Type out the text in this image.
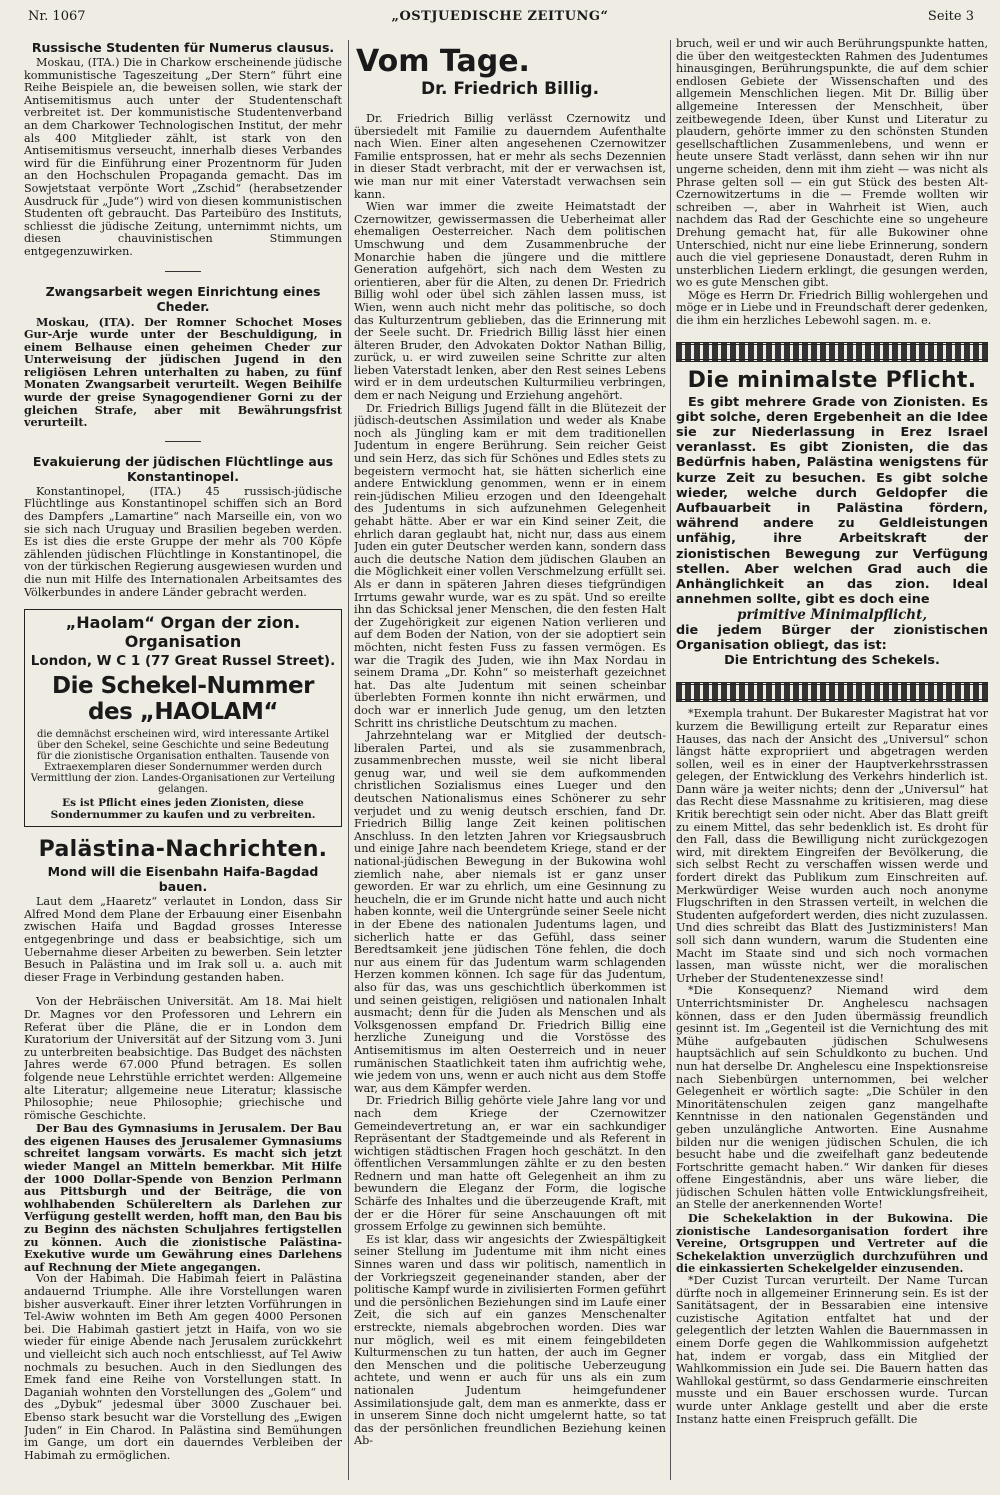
„OSTJUEDISCHE ZEITUNG“
Nr. 1067	Seite 3
Russische Studenten für Numerus clausus.

Moskau, (ITA.) Die in Charkow erscheinende jüdische kommunistische Tageszeitung „Der Stern“ führt eine Reihe Beispiele an, die beweisen sollen, wie stark der Antisemitismus auch unter der Studentenschaft verbreitet ist. Der kommunistische Studentenverband an dem Charkower Technologischen Institut, der mehr als 400 Mitglieder zählt, ist stark von den Antisemitismus verseucht, innerhalb dieses Verbandes wird für die Einführung einer Prozentnorm für Juden an den Hochschulen Propaganda gemacht. Das im Sowjetstaat verpönte Wort „Zschid“ (herabsetzender Ausdruck für „Jude“) wird von diesen kommunistischen Studenten oft gebraucht. Das Parteibüro des Instituts, schliesst die jüdische Zeitung, unternimmt nichts, um diesen chauvinistischen Stimmungen entgegenzuwirken.

Zwangsarbeit wegen Einrichtung eines Cheder.

Moskau, (ITA). Der Romner Schochet Moses Gur-Arje wurde unter der Beschuldigung, in einem Belhause einen geheimen Cheder zur Unterweisung der jüdischen Jugend in den religiösen Lehren unterhalten zu haben, zu fünf Monaten Zwangsarbeit verurteilt. Wegen Beihilfe wurde der greise Synagogendiener Gorni zu der gleichen Strafe, aber mit Bewährungsfrist verurteilt.

Evakuierung der jüdischen Flüchtlinge aus Konstantinopel.

Konstantinopel, (ITA.) 45 russisch-jüdische Flüchtlinge aus Konstantinopel schiffen sich an Bord des Dampfers „Lamartine“ nach Marseille ein, von wo sie sich nach Uruguay und Brasilien begeben werden. Es ist dies die erste Gruppe der mehr als 700 Köpfe zählenden jüdischen Flüchtlinge in Konstantinopel, die von der türkischen Regierung ausgewiesen wurden und die nun mit Hilfe des Internationalen Arbeitsamtes des Völkerbundes in andere Länder gebracht werden.

„Haolam“ Organ der zion. Organisation
London, W C 1 (77 Great Russel Street).
Die Schekel-Nummer des „HAOLAM“
die demnächst erscheinen wird, wird interessante Artikel über den Schekel, seine Geschichte und seine Bedeutung für die zionistische Organisation enthalten. Tausende von Extraexemplaren dieser Sondernummer werden durch Vermittlung der zion. Landes-Organisationen zur Verteilung gelangen.
Es ist Pflicht eines jeden Zionisten, diese Sondernummer zu kaufen und zu verbreiten.
Palästina-Nachrichten.
Mond will die Eisenbahn Haifa-Bagdad bauen.

Laut dem „Haaretz“ verlautet in London, dass Sir Alfred Mond dem Plane der Erbauung einer Eisenbahn zwischen Haifa und Bagdad grosses Interesse entgegenbringe und dass er beabsichtige, sich um Uebernahme dieser Arbeiten zu bewerben. Sein letzter Besuch in Palästina und im Irak soll u. a. auch mit dieser Frage in Verbindung gestanden haben.

Von der Hebräischen Universität. Am 18. Mai hielt Dr. Magnes vor den Professoren und Lehrern ein Referat über die Pläne, die er in London dem Kuratorium der Universität auf der Sitzung vom 3. Juni zu unterbreiten beabsichtige. Das Budget des nächsten Jahres werde 67.000 Pfund betragen. Es sollen folgende neue Lehrstühle errichtet werden: Allgemeine alte Literatur; allgemeine neue Literatur; klassische Philosophie; neue Philosophie; griechische und römische Geschichte.

Der Bau des Gymnasiums in Jerusalem. Der Bau des eigenen Hauses des Jerusalemer Gymnasiums schreitet langsam vorwärts. Es macht sich jetzt wieder Mangel an Mitteln bemerkbar. Mit Hilfe der 1000 Dollar-Spende von Benzion Perlmann aus Pittsburgh und der Beiträge, die von wohlhabenden Schülereltern als Darlehen zur Verfügung gestellt werden, hofft man, den Bau bis zu Beginn des nächsten Schuljahres fertigstellen zu können. Auch die zionistische Palästina-Exekutive wurde um Gewährung eines Darlehens auf Rechnung der Miete angegangen.

Von der Habimah. Die Habimah feiert in Palästina andauernd Triumphe. Alle ihre Vorstellungen waren bisher ausverkauft. Einer ihrer letzten Vorführungen in Tel-Awiw wohnten im Beth Am gegen 4000 Personen bei. Die Habimah gastiert jetzt in Haifa, von wo sie wieder für einige Abende nach Jerusalem zurückkehrt und vielleicht sich auch noch entschliesst, auf Tel Awiw nochmals zu besuchen. Auch in den Siedlungen des Emek fand eine Reihe von Vorstellungen statt. In Daganiah wohnten den Vorstellungen des „Golem“ und des „Dybuk“ jedesmal über 3000 Zuschauer bei. Ebenso stark besucht war die Vorstellung des „Ewigen Juden“ in Ein Charod. In Palästina sind Bemühungen im Gange, um dort ein dauerndes Verbleiben der Habimah zu ermöglichen.

Vom Tage.
Dr. Friedrich Billig.

Dr. Friedrich Billig verlässt Czernowitz und übersiedelt mit Familie zu dauerndem Aufenthalte nach Wien. Einer alten angesehenen Czernowitzer Familie entsprossen, hat er mehr als sechs Dezennien in dieser Stadt verbracht, mit der er verwachsen ist, wie man nur mit einer Vaterstadt verwachsen sein kann.

Wien war immer die zweite Heimatstadt der Czernowitzer, gewissermassen die Ueberheimat aller ehemaligen Oesterreicher. Nach dem politischen Umschwung und dem Zusammenbruche der Monarchie haben die jüngere und die mittlere Generation aufgehört, sich nach dem Westen zu orientieren, aber für die Alten, zu denen Dr. Friedrich Billig wohl oder übel sich zählen lassen muss, ist Wien, wenn auch nicht mehr das politische, so doch das Kulturzentrum geblieben, das die Erinnerung mit der Seele sucht. Dr. Friedrich Billig lässt hier einen älteren Bruder, den Advokaten Doktor Nathan Billig, zurück, u. er wird zuweilen seine Schritte zur alten lieben Vaterstadt lenken, aber den Rest seines Lebens wird er in dem urdeutschen Kulturmilieu verbringen, dem er nach Neigung und Erziehung angehört.

Dr. Friedrich Billigs Jugend fällt in die Blütezeit der jüdisch-deutschen Assimilation und weder als Knabe noch als Jüngling kam er mit dem traditionellen Judentum in engere Berührung. Sein reicher Geist und sein Herz, das sich für Schönes und Edles stets zu begeistern vermocht hat, sie hätten sicherlich eine andere Entwicklung genommen, wenn er in einem rein-jüdischen Milieu erzogen und den Ideengehalt des Judentums in sich aufzunehmen Gelegenheit gehabt hätte. Aber er war ein Kind seiner Zeit, die ehrlich daran geglaubt hat, nicht nur, dass aus einem Juden ein guter Deutscher werden kann, sondern dass auch die deutsche Nation dem jüdischen Glauben an die Möglichkeit einer vollen Verschmelzung erfüllt sei. Als er dann in späteren Jahren dieses tiefgründigen Irrtums gewahr wurde, war es zu spät. Und so ereilte ihn das Schicksal jener Menschen, die den festen Halt der Zugehörigkeit zur eigenen Nation verlieren und auf dem Boden der Nation, von der sie adoptiert sein möchten, nicht festen Fuss zu fassen vermögen. Es war die Tragik des Juden, wie ihn Max Nordau in seinem Drama „Dr. Kohn“ so meisterhaft gezeichnet hat. Das alte Judentum mit seinen scheinbar überlebten Formen konnte ihn nicht erwärmen, und doch war er innerlich Jude genug, um den letzten Schritt ins christliche Deutschtum zu machen.

Jahrzehntelang war er Mitglied der deutsch-liberalen Partei, und als sie zusammenbrach, zusammenbrechen musste, weil sie nicht liberal genug war, und weil sie dem aufkommenden christlichen Sozialismus eines Lueger und den deutschen Nationalismus eines Schönerer zu sehr verjudet und zu wenig deutsch erschien, fand Dr. Friedrich Billig lange Zeit keinen politischen Anschluss. In den letzten Jahren vor Kriegsausbruch und einige Jahre nach beendetem Kriege, stand er der national-jüdischen Bewegung in der Bukowina wohl ziemlich nahe, aber niemals ist er ganz unser geworden. Er war zu ehrlich, um eine Gesinnung zu heucheln, die er im Grunde nicht hatte und auch nicht haben konnte, weil die Untergründe seiner Seele nicht in der Ebene des nationalen Judentums lagen, und sicherlich hatte er das Gefühl, dass seiner Beredtsamkeit jene jüdischen Töne fehlen, die doch nur aus einem für das Judentum warm schlagenden Herzen kommen können. Ich sage für das Judentum, also für das, was uns geschichtlich überkommen ist und seinen geistigen, religiösen und nationalen Inhalt ausmacht; denn für die Juden als Menschen und als Volksgenossen empfand Dr. Friedrich Billig eine herzliche Zuneigung und die Vorstösse des Antisemitismus im alten Oesterreich und in neuer rumänischen Staatlichkeit taten ihm aufrichtig wehe, wie jedem von uns, wenn er auch nicht aus dem Stoffe war, aus dem Kämpfer werden.

Dr. Friedrich Billig gehörte viele Jahre lang vor und nach dem Kriege der Czernowitzer Gemeindevertretung an, er war ein sachkundiger Repräsentant der Stadtgemeinde und als Referent in wichtigen städtischen Fragen hoch geschätzt. In den öffentlichen Versammlungen zählte er zu den besten Rednern und man hatte oft Gelegenheit an ihm zu bewundern die Eleganz der Form, die logische Schärfe des Inhaltes und die überzeugende Kraft, mit der er die Hörer für seine Anschauungen oft mit grossem Erfolge zu gewinnen sich bemühte.

Es ist klar, dass wir angesichts der Zwiespältigkeit seiner Stellung im Judentume mit ihm nicht eines Sinnes waren und dass wir politisch, namentlich in der Vorkriegszeit gegeneinander standen, aber der politische Kampf wurde in zivilisierten Formen geführt und die persönlichen Beziehungen sind im Laufe einer Zeit, die sich auf ein ganzes Menschenalter erstreckte, niemals abgebrochen worden. Dies war nur möglich, weil es mit einem feingebildeten Kulturmenschen zu tun hatten, der auch im Gegner den Menschen und die politische Ueberzeugung achtete, und wenn er auch für uns als ein zum nationalen Judentum heimgefundener Assimilationsjude galt, dem man es anmerkte, dass er in unserem Sinne doch nicht umgelernt hatte, so tat das der persönlichen freundlichen Beziehung keinen Ab-

bruch, weil er und wir auch Berührungspunkte hatten, die über den weitgesteckten Rahmen des Judentumes hinausgingen, Berührungspunkte, die auf dem schier endlosen Gebiete der Wissenschaften und des allgemein Menschlichen liegen. Mit Dr. Billig über allgemeine Interessen der Menschheit, über zeitbewegende Ideen, über Kunst und Literatur zu plaudern, gehörte immer zu den schönsten Stunden gesellschaftlichen Zusammenlebens, und wenn er heute unsere Stadt verlässt, dann sehen wir ihn nur ungerne scheiden, denn mit ihm zieht — was nicht als Phrase gelten soll — ein gut Stück des besten Alt-Czernowitzertums in die — Fremde wollten wir schreiben —, aber in Wahrheit ist Wien, auch nachdem das Rad der Geschichte eine so ungeheure Drehung gemacht hat, für alle Bukowiner ohne Unterschied, nicht nur eine liebe Erinnerung, sondern auch die viel gepriesene Donaustadt, deren Ruhm in unsterblichen Liedern erklingt, die gesungen werden, wo es gute Menschen gibt.

Möge es Herrn Dr. Friedrich Billig wohlergehen und möge er in Liebe und in Freundschaft derer gedenken, die ihm ein herzliches Lebewohl sagen. m. e.

Die minimalste Pflicht.

Es gibt mehrere Grade von Zionisten. Es gibt solche, deren Ergebenheit an die Idee sie zur Niederlassung in Erez Israel veranlasst. Es gibt Zionisten, die das Bedürfnis haben, Palästina wenigstens für kurze Zeit zu besuchen. Es gibt solche wieder, welche durch Geldopfer die Aufbauarbeit in Palästina fördern, während andere zu Geldleistungen unfähig, ihre Arbeitskraft der zionistischen Bewegung zur Verfügung stellen. Aber welchen Grad auch die Anhänglichkeit an das zion. Ideal annehmen sollte, gibt es doch eine

primitive Minimalpflicht,

die jedem Bürger der zionistischen Organisation obliegt, das ist:

Die Entrichtung des Schekels.

*Exempla trahunt. Der Bukarester Magistrat hat vor kurzem die Bewilligung erteilt zur Reparatur eines Hauses, das nach der Ansicht des „Universul“ schon längst hätte expropriiert und abgetragen werden sollen, weil es in einer der Hauptverkehrsstrassen gelegen, der Entwicklung des Verkehrs hinderlich ist. Dann wäre ja weiter nichts; denn der „Universul“ hat das Recht diese Massnahme zu kritisieren, mag diese Kritik berechtigt sein oder nicht. Aber das Blatt greift zu einem Mittel, das sehr bedenklich ist. Es droht für den Fall, dass die Bewilligung nicht zurückgezogen wird, mit direktem Eingreifen der Bevölkerung, die sich selbst Recht zu verschaffen wissen werde und fordert direkt das Publikum zum Einschreiten auf. Merkwürdiger Weise wurden auch noch anonyme Flugschriften in den Strassen verteilt, in welchen die Studenten aufgefordert werden, dies nicht zuzulassen. Und dies schreibt das Blatt des Justizministers! Man soll sich dann wundern, warum die Studenten eine Macht im Staate sind und sich noch vormachen lassen, man wüsste nicht, wer die moralischen Urheber der Studentenexzesse sind!

*Die Konsequenz? Niemand wird dem Unterrichtsminister Dr. Anghelescu nachsagen können, dass er den Juden übermässig freundlich gesinnt ist. Im „Gegenteil ist die Vernichtung des mit Mühe aufgebauten jüdischen Schulwesens hauptsächlich auf sein Schuldkonto zu buchen. Und nun hat derselbe Dr. Anghelescu eine Inspektionsreise nach Siebenbürgen unternommen, bei welcher Gelegenheit er wörtlich sagte: „Die Schüler in den Minoritätenschulen zeigen ganz mangelhafte Kenntnisse in den nationalen Gegenständen und geben unzulängliche Antworten. Eine Ausnahme bilden nur die wenigen jüdischen Schulen, die ich besucht habe und die zweifelhaft ganz bedeutende Fortschritte gemacht haben.“ Wir danken für dieses offene Eingeständnis, aber uns wäre lieber, die jüdischen Schulen hätten volle Entwicklungsfreiheit, an Stelle der anerkennenden Worte!

Die Schekelaktion in der Bukowina. Die zionistische Landesorganisation fordert ihre Vereine, Ortsgruppen und Vertreter auf die Schekelaktion unverzüglich durchzuführen und die einkassierten Schekelgelder einzusenden.

*Der Cuzist Turcan verurteilt. Der Name Turcan dürfte noch in allgemeiner Erinnerung sein. Es ist der Sanitätsagent, der in Bessarabien eine intensive cuzistische Agitation entfaltet hat und der gelegentlich der letzten Wahlen die Bauernmassen in einem Dorfe gegen die Wahlkommission aufgehetzt hat, indem er vorgab, dass ein Mitglied der Wahlkommission ein Jude sei. Die Bauern hatten das Wahllokal gestürmt, so dass Gendarmerie einschreiten musste und ein Bauer erschossen wurde. Turcan wurde unter Anklage gestellt und aber die erste Instanz hatte einen Freispruch gefällt. Die
